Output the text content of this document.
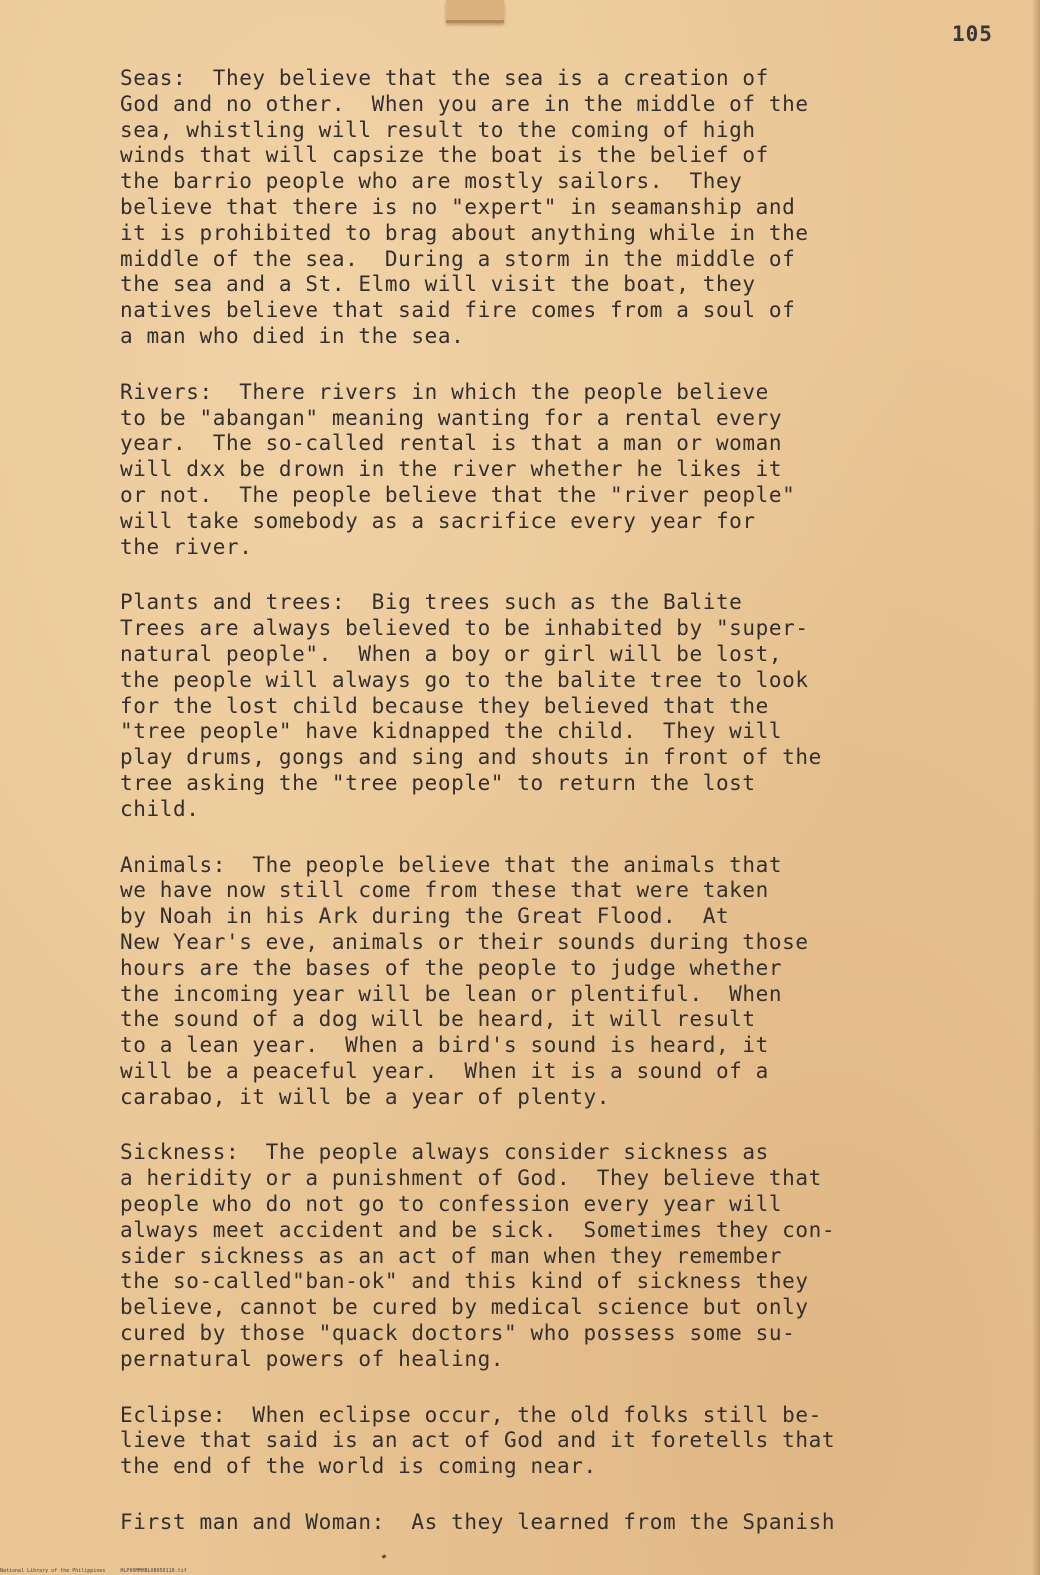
105
Seas:  They believe that the sea is a creation of
God and no other.  When you are in the middle of the
sea, whistling will result to the coming of high
winds that will capsize the boat is the belief of
the barrio people who are mostly sailors.  They
believe that there is no "expert" in seamanship and
it is prohibited to brag about anything while in the
middle of the sea.  During a storm in the middle of
the sea and a St. Elmo will visit the boat, they
natives believe that said fire comes from a soul of
a man who died in the sea.
Rivers:  There rivers in which the people believe
to be "abangan" meaning wanting for a rental every
year.  The so-called rental is that a man or woman
will dxx be drown in the river whether he likes it
or not.  The people believe that the "river people"
will take somebody as a sacrifice every year for
the river.
Plants and trees:  Big trees such as the Balite
Trees are always believed to be inhabited by "super-
natural people".  When a boy or girl will be lost,
the people will always go to the balite tree to look
for the lost child because they believed that the
"tree people" have kidnapped the child.  They will
play drums, gongs and sing and shouts in front of the
tree asking the "tree people" to return the lost
child.
Animals:  The people believe that the animals that
we have now still come from these that were taken
by Noah in his Ark during the Great Flood.  At
New Year's eve, animals or their sounds during those
hours are the bases of the people to judge whether
the incoming year will be lean or plentiful.  When
the sound of a dog will be heard, it will result
to a lean year.  When a bird's sound is heard, it
will be a peaceful year.  When it is a sound of a
carabao, it will be a year of plenty.
Sickness:  The people always consider sickness as
a heridity or a punishment of God.  They believe that
people who do not go to confession every year will
always meet accident and be sick.  Sometimes they con-
sider sickness as an act of man when they remember
the so-called"ban-ok" and this kind of sickness they
believe, cannot be cured by medical science but only
cured by those "quack doctors" who possess some su-
pernatural powers of healing.
Eclipse:  When eclipse occur, the old folks still be-
lieve that said is an act of God and it foretells that
the end of the world is coming near.
First man and Woman:  As they learned from the Spanish
National Library of the Philippines     HLP00MMHBLO8050110.tif
